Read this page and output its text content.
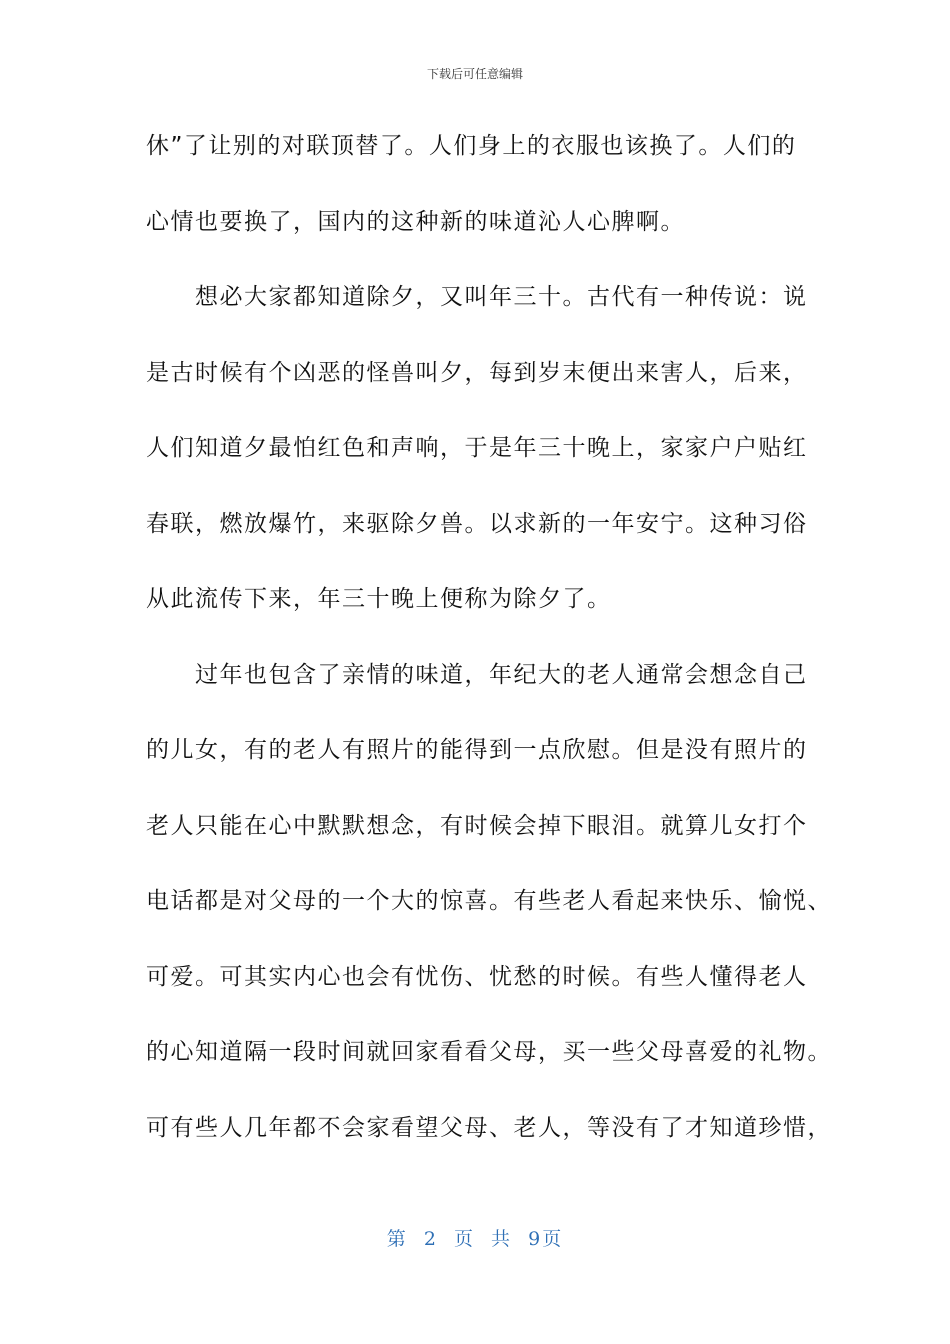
下载后可任意编辑
休”了让别的对联顶替了。人们身上的衣服也该换了。人们的
心情也要换了，国内的这种新的味道沁人心脾啊。
　　想必大家都知道除夕，又叫年三十。古代有一种传说：说
是古时候有个凶恶的怪兽叫夕，每到岁末便出来害人，后来，
人们知道夕最怕红色和声响，于是年三十晚上，家家户户贴红
春联，燃放爆竹，来驱除夕兽。以求新的一年安宁。这种习俗
从此流传下来，年三十晚上便称为除夕了。
　　过年也包含了亲情的味道，年纪大的老人通常会想念自己
的儿女，有的老人有照片的能得到一点欣慰。但是没有照片的
老人只能在心中默默想念，有时候会掉下眼泪。就算儿女打个
电话都是对父母的一个大的惊喜。有些老人看起来快乐、愉悦、
可爱。可其实内心也会有忧伤、忧愁的时候。有些人懂得老人
的心知道隔一段时间就回家看看父母，买一些父母喜爱的礼物。
可有些人几年都不会家看望父母、老人，等没有了才知道珍惜，
第 2 页 共 9页
